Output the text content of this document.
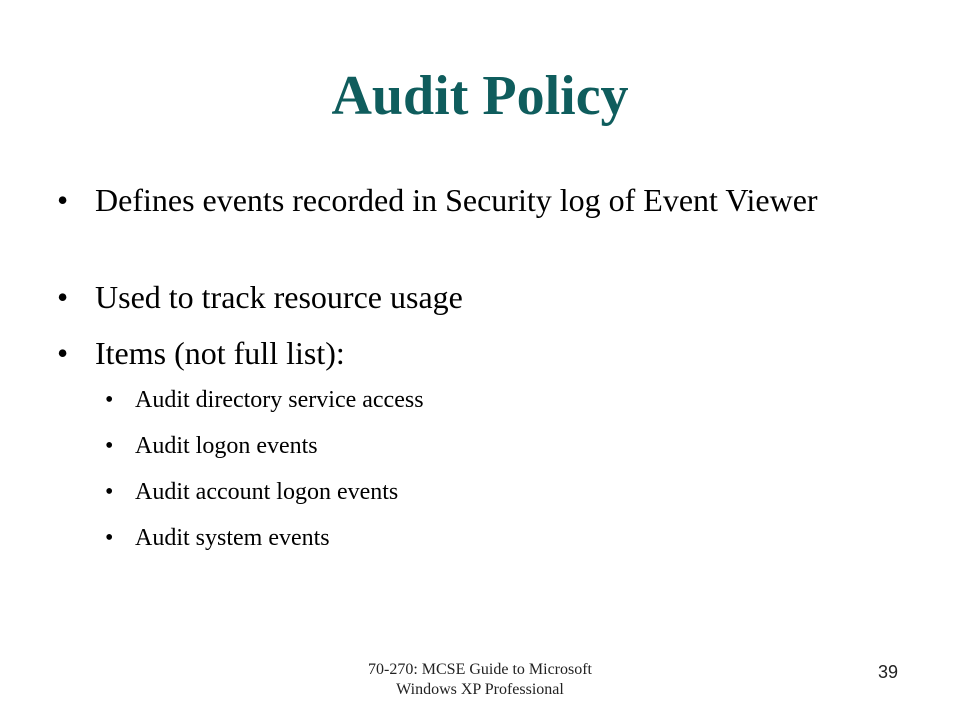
Audit Policy
• Defines events recorded in Security log of Event Viewer
• Used to track resource usage
• Items (not full list):
• Audit directory service access
• Audit logon events
• Audit account logon events
• Audit system events
70-270: MCSE Guide to Microsoft
Windows XP Professional
39
